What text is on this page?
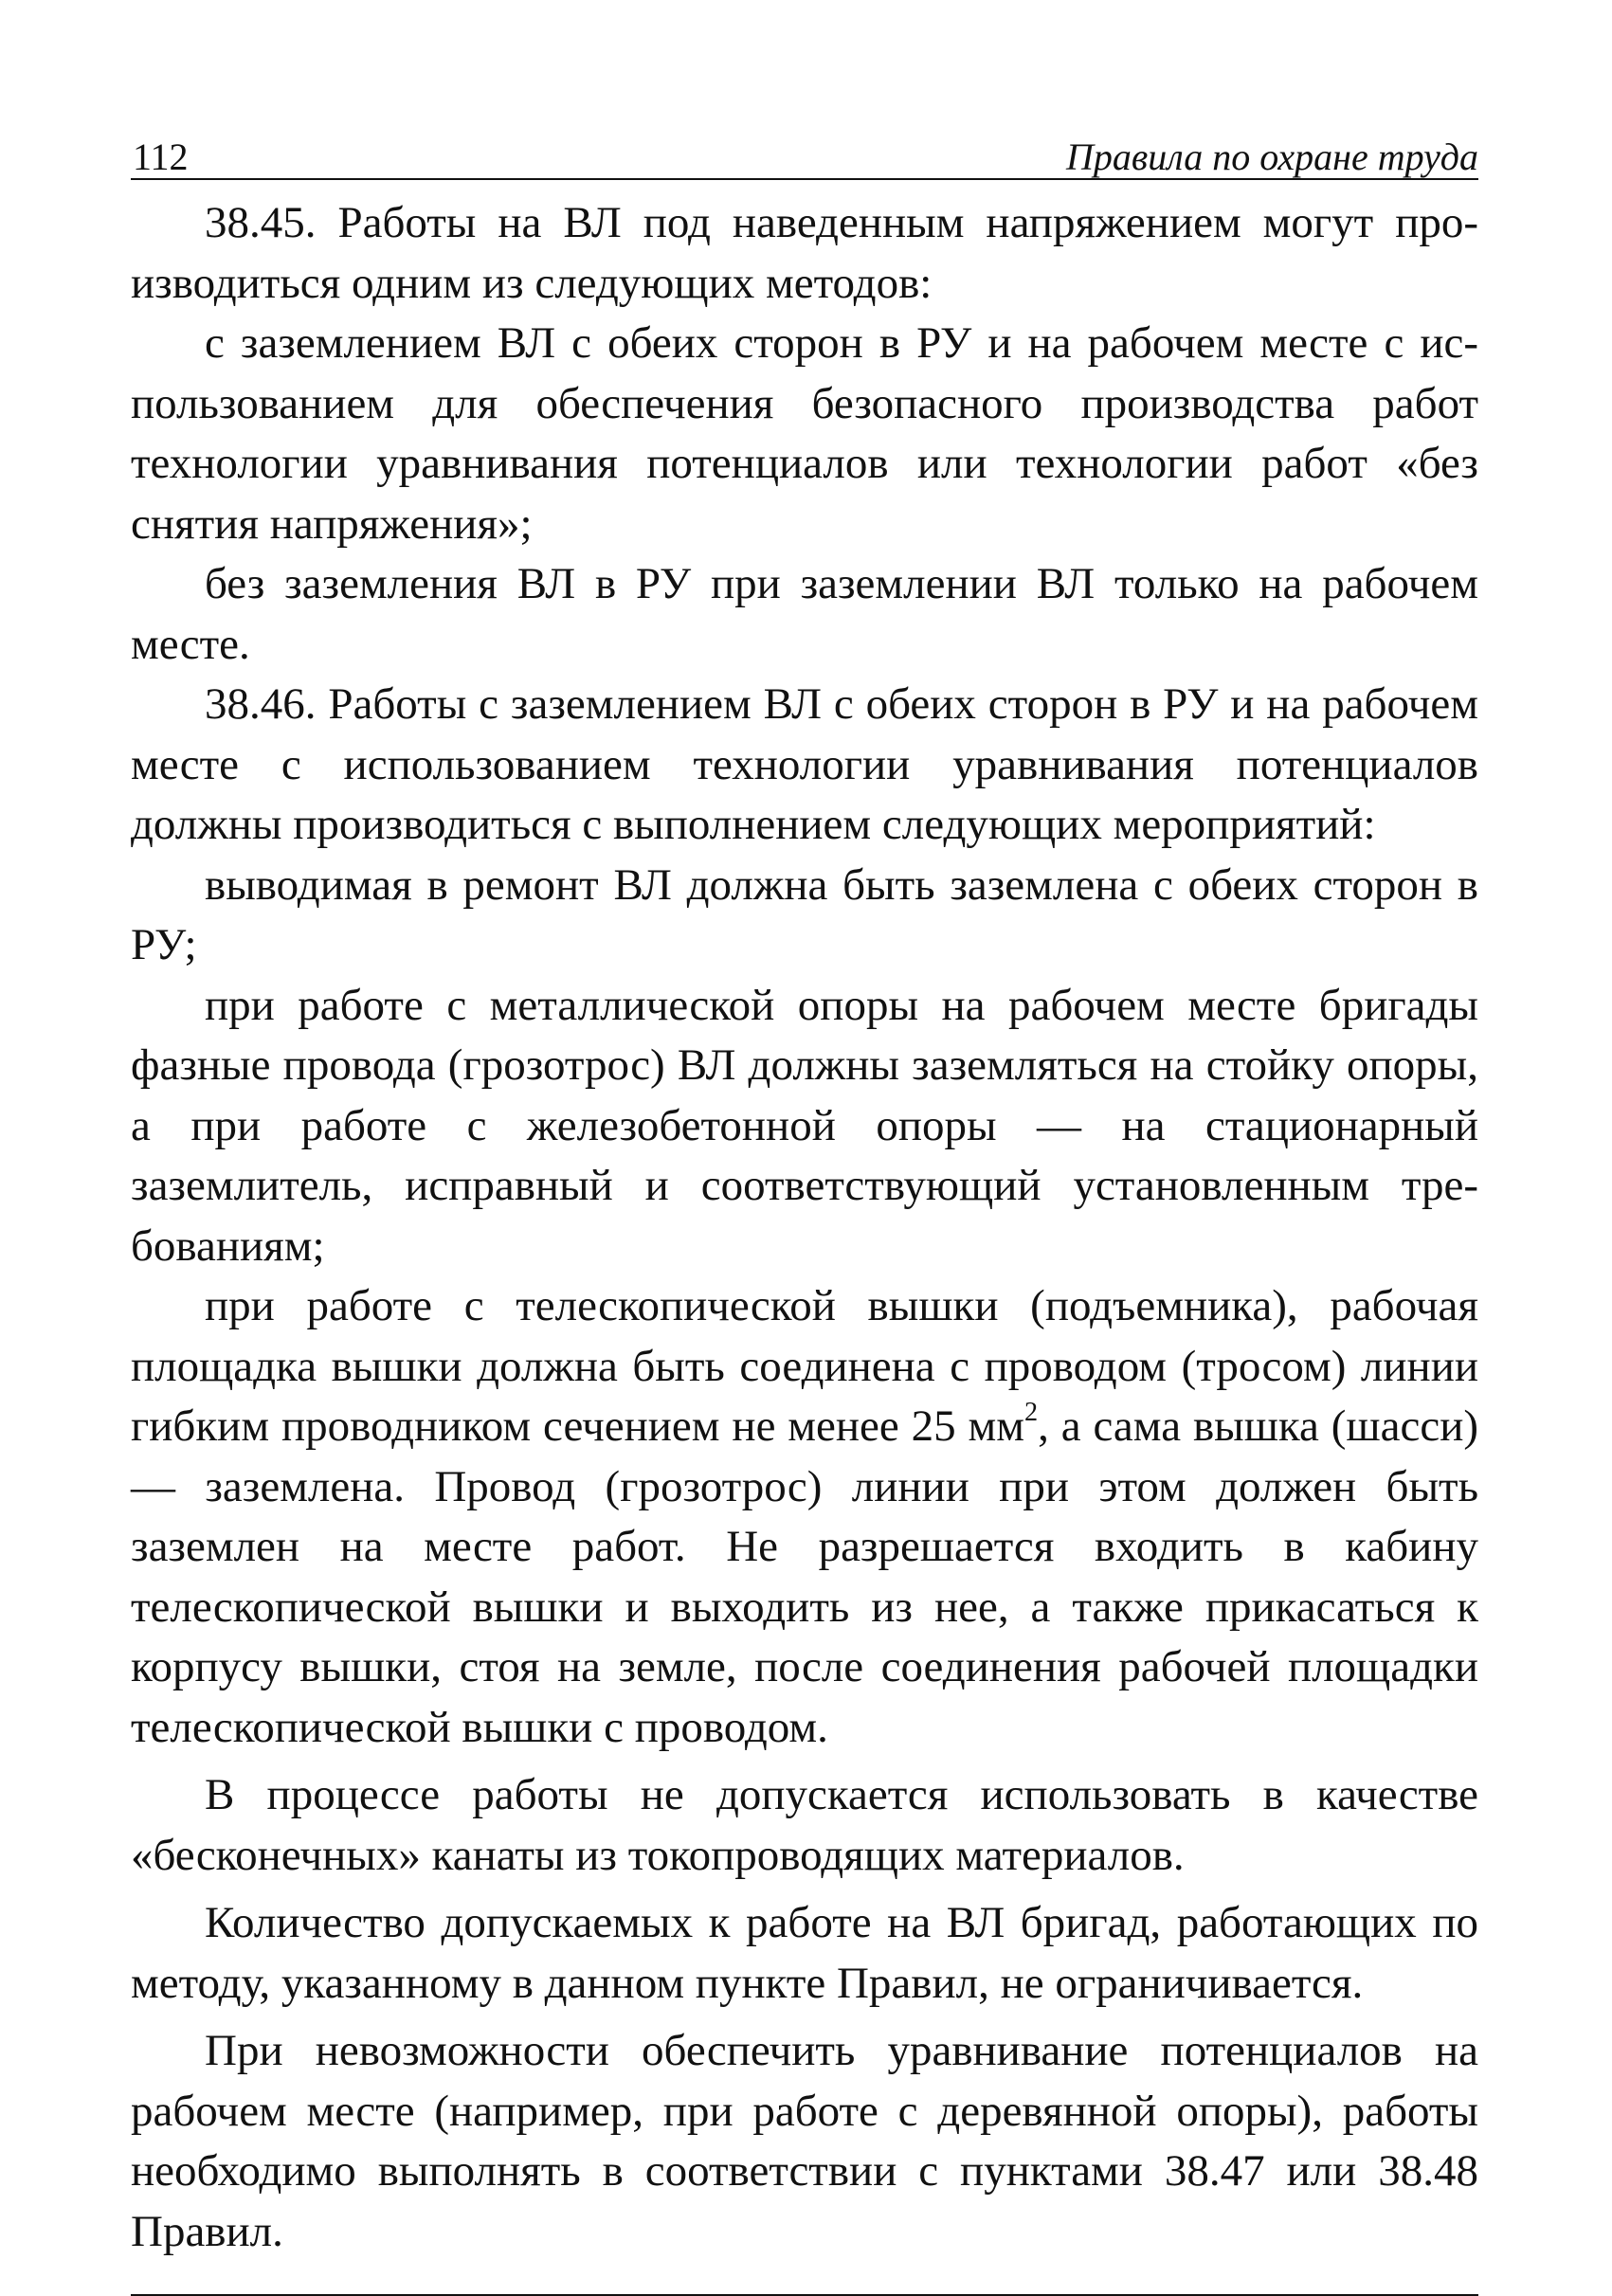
112	Правила по охране труда

38.45. Работы на ВЛ под наведенным напряжением могут производиться одним из следующих методов:

с заземлением ВЛ с обеих сторон в РУ и на рабочем месте с использованием для обеспечения безопасного производства работ технологии уравнивания потенциалов или технологии работ «без снятия напряжения»;

без заземления ВЛ в РУ при заземлении ВЛ только на рабочем месте.

38.46. Работы с заземлением ВЛ с обеих сторон в РУ и на рабочем месте с использованием технологии уравнивания потенциалов должны производиться с выполнением следующих мероприятий:

выводимая в ремонт ВЛ должна быть заземлена с обеих сторон в РУ;

при работе с металлической опоры на рабочем месте бригады фазные провода (грозотрос) ВЛ должны заземляться на стойку опоры, а при работе с железобетонной опоры — на стационарный заземлитель, исправный и соответствующий установленным требованиям;

при работе с телескопической вышки (подъемника), рабочая площадка вышки должна быть соединена с проводом (тросом) линии гибким проводником сечением не менее 25 $мм^2$, а сама вышка (шасси) — заземлена. Провод (грозотрос) линии при этом должен быть заземлен на месте работ. Не разрешается входить в кабину телескопической вышки и выходить из нее, а также прикасаться к корпусу вышки, стоя на земле, после соединения рабочей площадки телескопической вышки с проводом.

В процессе работы не допускается использовать в качестве «бесконечных» канаты из токопроводящих материалов.

Количество допускаемых к работе на ВЛ бригад, работающих по методу, указанному в данном пункте Правил, не ограничивается.

При невозможности обеспечить уравнивание потенциалов на рабочем месте (например, при работе с деревянной опоры), работы необходимо выполнять в соответствии с пунктами 38.47 или 38.48 Правил.
